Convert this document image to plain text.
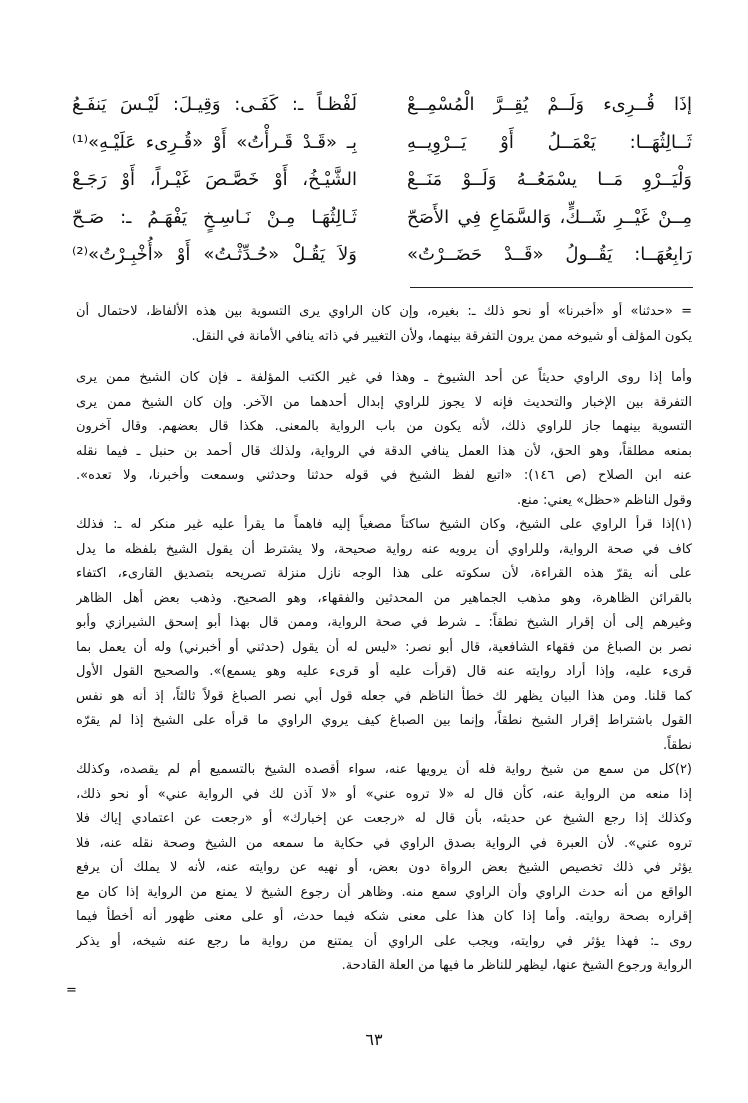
إذَا قُــرِىء وَلَــمْ يُقِــرَّ الْمُسْمِــعْ
ثَــالِثُهَــا: يَعْمَــلُ أَوْ يَــرْوِيــهِ
وَلْيَــرْوِ مَــا يسْمَعُــهُ وَلَــوْ مَنَــعْ
مِــنْ غَيْــرِ شَــكٍّ، وَالسَّمَاعِ فِي الأَصَحّ
رَابِعُهَــا: يَقُــولُ «قَــدْ حَضَــرْتُ»
لَفْظـاً ـ: كَفَـى: وَقِيـلَ: لَيْـسَ يَنفَـعُ
بِـ «قَـدْ قَـرأْتُ» أَوْ «قُـرِىء عَلَيْـهِ»⁽¹⁾
الشَّيْـخُ، أَوْ خَصَّـصَ غَيْـراً، أَوْ رَجَـعْ
ثَـالِثُهَـا مِـنْ نَـاسِـخٍ يَفْهَـمُ ـ: صَـحّ
وَلاَ يَقُـلْ «حُـدِّثْـتُ» أَوْ «أُخْبِـرْتُ»⁽²⁾
= «حدثنا» أو «أخبرنا» أو نحو ذلك ـ: بغيره، وإن كان الراوي يرى التسوية بين هذه الألفاظ، لاحتمال أن
يكون المؤلف أو شيوخه ممن يرون التفرقة بينهما، ولأن التغيير في ذاته ينافي الأمانة في النقل.
وأما إذا روى الراوي حديثاً عن أحد الشيوخ ـ وهذا في غير الكتب المؤلفة ـ فإن كان الشيخ ممن يرى
التفرقة بين الإخبار والتحديث فإنه لا يجوز للراوي إبدال أحدهما من الآخر. وإن كان الشيخ ممن يرى
التسوية بينهما جاز للراوي ذلك، لأنه يكون من باب الرواية بالمعنى. هكذا قال بعضهم. وقال آخرون
بمنعه مطلقاً، وهو الحق، لأن هذا العمل ينافي الدقة في الرواية، ولذلك قال أحمد بن حنبل ـ فيما نقله
عنه ابن الصلاح (ص ١٤٦): «اتبع لفظ الشيخ في قوله حدثنا وحدثني وسمعت وأخبرنا، ولا تعده».
وقول الناظم «حظل» يعني: منع.
(١)إذا قرأ الراوي على الشيخ، وكان الشيخ ساكتاً مصغياً إليه فاهماً ما يقرأ عليه غير منكر له ـ: فذلك
كاف في صحة الرواية، وللراوي أن يرويه عنه رواية صحيحة، ولا يشترط أن يقول الشيخ بلفظه ما يدل
على أنه يقرّ هذه القراءة، لأن سكوته على هذا الوجه نازل منزلة تصريحه بتصديق القارىء، اكتفاء
بالقرائن الظاهرة، وهو مذهب الجماهير من المحدثين والفقهاء، وهو الصحيح. وذهب بعض أهل الظاهر
وغيرهم إلى أن إقرار الشيخ نطقاً: ـ شرط في صحة الرواية، وممن قال بهذا أبو إسحق الشيرازي وأبو
نصر بن الصباغ من فقهاء الشافعية، قال أبو نصر: «ليس له أن يقول (حدثني أو أخبرني) وله أن يعمل بما
قرىء عليه، وإذا أراد روايته عنه قال (قرأت عليه أو قرىء عليه وهو يسمع)». والصحيح القول الأول
كما قلنا. ومن هذا البيان يظهر لك خطأ الناظم في جعله قول أبي نصر الصباغ قولاً ثالثاً، إذ أنه هو نفس
القول باشتراط إقرار الشيخ نطقاً، وإنما بين الصباغ كيف يروي الراوي ما قرأه على الشيخ إذا لم يقرّه
نطقاً.
(٢)كل من سمع من شيخ رواية فله أن يرويها عنه، سواء أقصده الشيخ بالتسميع أم لم يقصده، وكذلك
إذا منعه من الرواية عنه، كأن قال له «لا تروه عني» أو «لا آذن لك في الرواية عني» أو نحو ذلك،
وكذلك إذا رجع الشيخ عن حديثه، بأن قال له «رجعت عن إخبارك» أو «رجعت عن اعتمادي إياك فلا
تروه عني». لأن العبرة في الرواية بصدق الراوي في حكاية ما سمعه من الشيخ وصحة نقله عنه، فلا
يؤثر في ذلك تخصيص الشيخ بعض الرواة دون بعض، أو نهيه عن روايته عنه، لأنه لا يملك أن يرفع
الواقع من أنه حدث الراوي وأن الراوي سمع منه. وظاهر أن رجوع الشيخ لا يمنع من الرواية إذا كان مع
إقراره بصحة روايته. وأما إذا كان هذا على معنى شكه فيما حدث، أو على معنى ظهور أنه أخطأ فيما
روى ـ: فهذا يؤثر في روايته، ويجب على الراوي أن يمتنع من رواية ما رجع عنه شيخه، أو يذكر
الرواية ورجوع الشيخ عنها، ليظهر للناظر ما فيها من العلة القادحة.
=
٦٣
